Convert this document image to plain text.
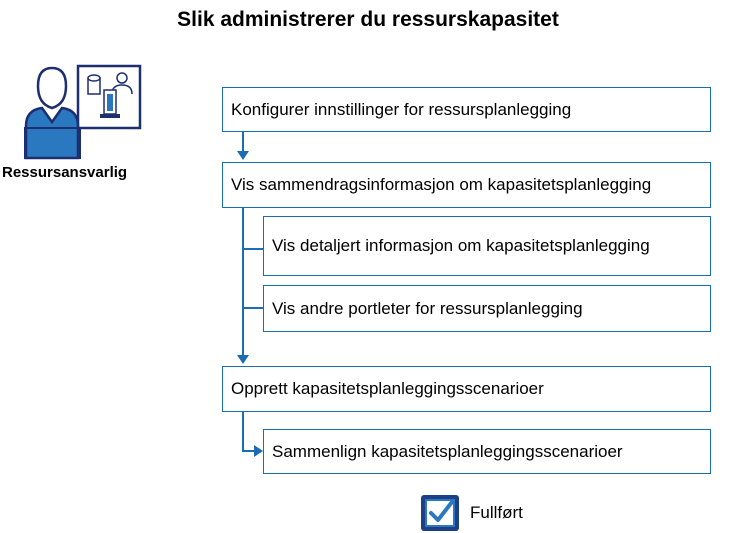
Slik administrerer du ressurskapasitet
Ressursansvarlig
Konfigurer innstillinger for ressursplanlegging
Vis sammendragsinformasjon om kapasitetsplanlegging
Vis detaljert informasjon om kapasitetsplanlegging
Vis andre portleter for ressursplanlegging
Opprett kapasitetsplanleggingsscenarioer
Sammenlign kapasitetsplanleggingsscenarioer
Fullført
